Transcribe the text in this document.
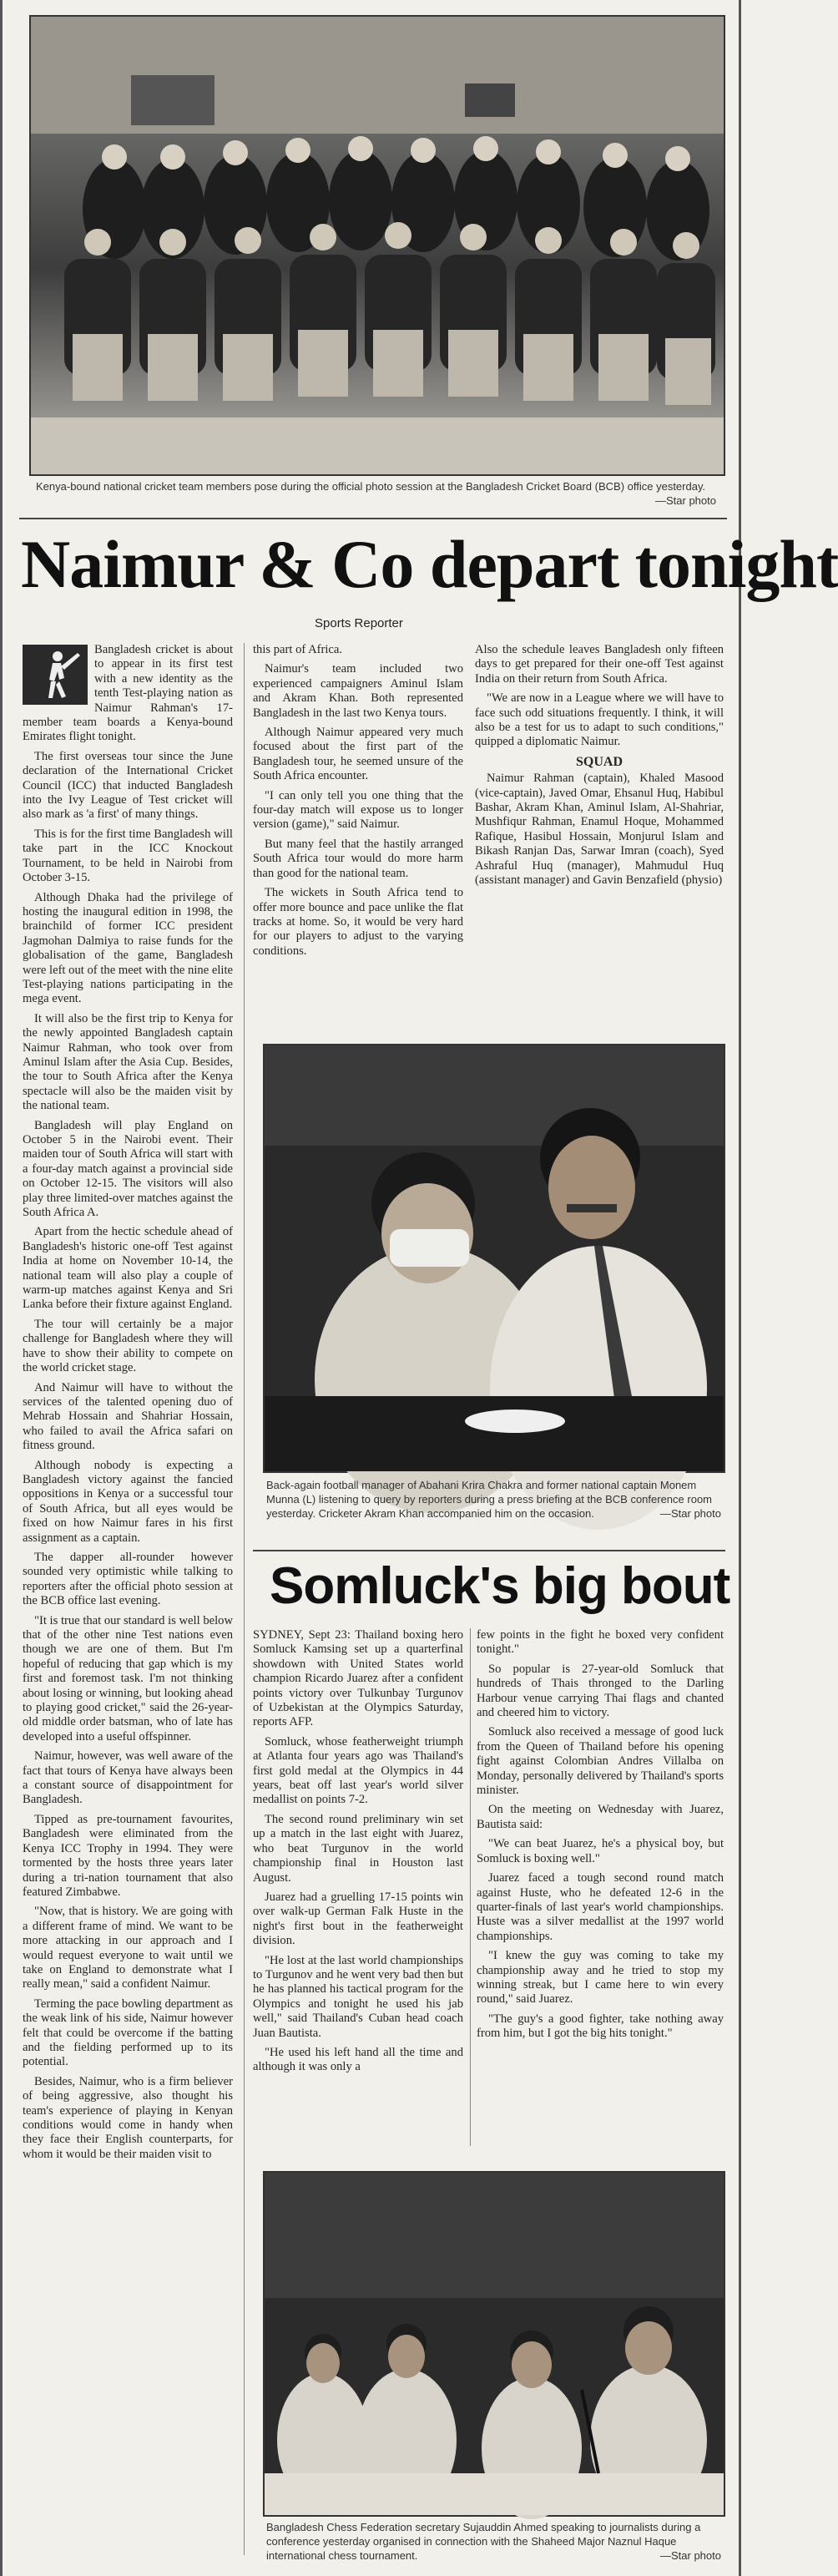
Kenya-bound national cricket team members pose during the official photo session at the Bangladesh Cricket Board (BCB) office yesterday.
—Star photo
Naimur & Co depart tonight
Sports Reporter

Bangladesh cricket is about to appear in its first test with a new identity as the tenth Test-playing nation as Naimur Rahman's 17-member team boards a Kenya-bound Emirates flight tonight.

The first overseas tour since the June declaration of the International Cricket Council (ICC) that inducted Bangladesh into the Ivy League of Test cricket will also mark as 'a first' of many things.

This is for the first time Bangladesh will take part in the ICC Knockout Tournament, to be held in Nairobi from October 3-15.

Although Dhaka had the privilege of hosting the inaugural edition in 1998, the brainchild of former ICC president Jagmohan Dalmiya to raise funds for the globalisation of the game, Bangladesh were left out of the meet with the nine elite Test-playing nations participating in the mega event.

It will also be the first trip to Kenya for the newly appointed Bangladesh captain Naimur Rahman, who took over from Aminul Islam after the Asia Cup. Besides, the tour to South Africa after the Kenya spectacle will also be the maiden visit by the national team.

Bangladesh will play England on October 5 in the Nairobi event. Their maiden tour of South Africa will start with a four-day match against a provincial side on October 12-15. The visitors will also play three limited-over matches against the South Africa A.

Apart from the hectic schedule ahead of Bangladesh's historic one-off Test against India at home on November 10-14, the national team will also play a couple of warm-up matches against Kenya and Sri Lanka before their fixture against England.

The tour will certainly be a major challenge for Bangladesh where they will have to show their ability to compete on the world cricket stage.

And Naimur will have to without the services of the talented opening duo of Mehrab Hossain and Shahriar Hossain, who failed to avail the Africa safari on fitness ground.

Although nobody is expecting a Bangladesh victory against the fancied oppositions in Kenya or a successful tour of South Africa, but all eyes would be fixed on how Naimur fares in his first assignment as a captain.

The dapper all-rounder however sounded very optimistic while talking to reporters after the official photo session at the BCB office last evening.

"It is true that our standard is well below that of the other nine Test nations even though we are one of them. But I'm hopeful of reducing that gap which is my first and foremost task. I'm not thinking about losing or winning, but looking ahead to playing good cricket," said the 26-year-old middle order batsman, who of late has developed into a useful offspinner.

Naimur, however, was well aware of the fact that tours of Kenya have always been a constant source of disappointment for Bangladesh.

Tipped as pre-tournament favourites, Bangladesh were eliminated from the Kenya ICC Trophy in 1994. They were tormented by the hosts three years later during a tri-nation tournament that also featured Zimbabwe.

"Now, that is history. We are going with a different frame of mind. We want to be more attacking in our approach and I would request everyone to wait until we take on England to demonstrate what I really mean," said a confident Naimur.

Terming the pace bowling department as the weak link of his side, Naimur however felt that could be overcome if the batting and the fielding performed up to its potential.

Besides, Naimur, who is a firm believer of being aggressive, also thought his team's experience of playing in Kenyan conditions would come in handy when they face their English counterparts, for whom it would be their maiden visit to

this part of Africa.

Naimur's team included two experienced campaigners Aminul Islam and Akram Khan. Both represented Bangladesh in the last two Kenya tours.

Although Naimur appeared very much focused about the first part of the Bangladesh tour, he seemed unsure of the South Africa encounter.

"I can only tell you one thing that the four-day match will expose us to longer version (game)," said Naimur.

But many feel that the hastily arranged South Africa tour would do more harm than good for the national team.

The wickets in South Africa tend to offer more bounce and pace unlike the flat tracks at home. So, it would be very hard for our players to adjust to the varying conditions.

Also the schedule leaves Bangladesh only fifteen days to get prepared for their one-off Test against India on their return from South Africa.

"We are now in a League where we will have to face such odd situations frequently. I think, it will also be a test for us to adapt to such conditions," quipped a diplomatic Naimur.

SQUAD

Naimur Rahman (captain), Khaled Masood (vice-captain), Javed Omar, Ehsanul Huq, Habibul Bashar, Akram Khan, Aminul Islam, Al-Shahriar, Mushfiqur Rahman, Enamul Hoque, Mohammed Rafique, Hasibul Hossain, Monjurul Islam and Bikash Ranjan Das, Sarwar Imran (coach), Syed Ashraful Huq (manager), Mahmudul Huq (assistant manager) and Gavin Benzafield (physio)

Back-again football manager of Abahani Krira Chakra and former national captain Monem Munna (L) listening to query by reporters during a press briefing at the BCB conference room yesterday. Cricketer Akram Khan accompanied him on the occasion.	—Star photo
Somluck's big bout

SYDNEY, Sept 23: Thailand boxing hero Somluck Kamsing set up a quarterfinal showdown with United States world champion Ricardo Juarez after a confident points victory over Tulkunbay Turgunov of Uzbekistan at the Olympics Saturday, reports AFP.

Somluck, whose featherweight triumph at Atlanta four years ago was Thailand's first gold medal at the Olympics in 44 years, beat off last year's world silver medallist on points 7-2.

The second round preliminary win set up a match in the last eight with Juarez, who beat Turgunov in the world championship final in Houston last August.

Juarez had a gruelling 17-15 points win over walk-up German Falk Huste in the night's first bout in the featherweight division.

"He lost at the last world championships to Turgunov and he went very bad then but he has planned his tactical program for the Olympics and tonight he used his jab well," said Thailand's Cuban head coach Juan Bautista.

"He used his left hand all the time and although it was only a

few points in the fight he boxed very confident tonight."

So popular is 27-year-old Somluck that hundreds of Thais thronged to the Darling Harbour venue carrying Thai flags and chanted and cheered him to victory.

Somluck also received a message of good luck from the Queen of Thailand before his opening fight against Colombian Andres Villalba on Monday, personally delivered by Thailand's sports minister.

On the meeting on Wednesday with Juarez, Bautista said:

"We can beat Juarez, he's a physical boy, but Somluck is boxing well."

Juarez faced a tough second round match against Huste, who he defeated 12-6 in the quarter-finals of last year's world championships. Huste was a silver medallist at the 1997 world championships.

"I knew the guy was coming to take my championship away and he tried to stop my winning streak, but I came here to win every round," said Juarez.

"The guy's a good fighter, take nothing away from him, but I got the big hits tonight."

Bangladesh Chess Federation secretary Sujauddin Ahmed speaking to journalists during a conference yesterday organised in connection with the Shaheed Major Naznul Haque international chess tournament.	—Star photo
